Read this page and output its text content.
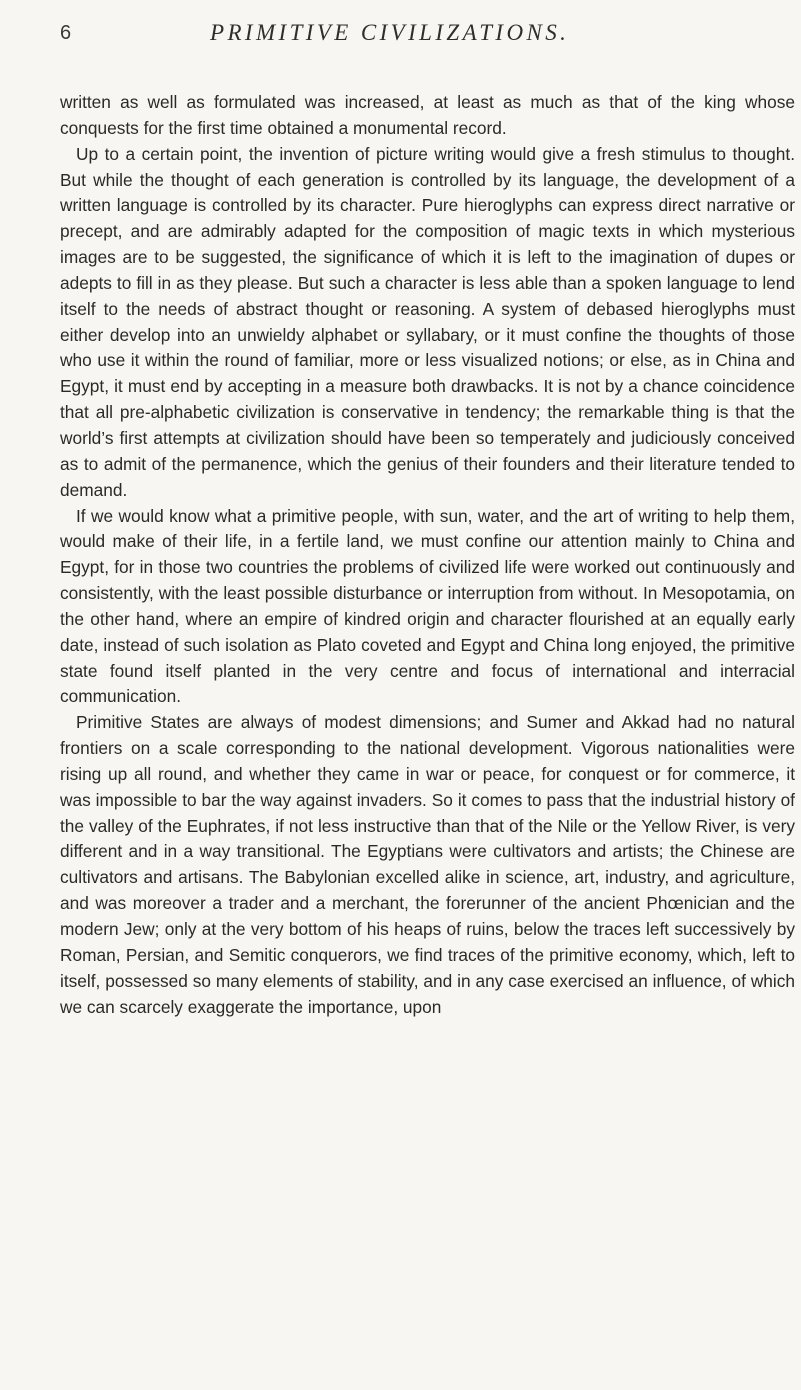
6	PRIMITIVE CIVILIZATIONS.

written as well as formulated was increased, at least as much as that of the king whose conquests for the first time obtained a monumental record.

Up to a certain point, the invention of picture writing would give a fresh stimulus to thought. But while the thought of each generation is controlled by its language, the development of a written language is controlled by its character. Pure hieroglyphs can express direct narrative or precept, and are admirably adapted for the composition of magic texts in which mysterious images are to be suggested, the significance of which it is left to the imagination of dupes or adepts to fill in as they please. But such a character is less able than a spoken language to lend itself to the needs of abstract thought or reasoning. A system of debased hieroglyphs must either develop into an unwieldy alphabet or syllabary, or it must confine the thoughts of those who use it within the round of familiar, more or less visualized notions; or else, as in China and Egypt, it must end by accepting in a measure both drawbacks. It is not by a chance coincidence that all pre-alphabetic civilization is conservative in tendency; the remarkable thing is that the world’s first attempts at civilization should have been so temperately and judiciously conceived as to admit of the permanence, which the genius of their founders and their literature tended to demand.

If we would know what a primitive people, with sun, water, and the art of writing to help them, would make of their life, in a fertile land, we must confine our attention mainly to China and Egypt, for in those two countries the problems of civilized life were worked out continuously and consistently, with the least possible disturbance or interruption from without. In Mesopotamia, on the other hand, where an empire of kindred origin and character flourished at an equally early date, instead of such isolation as Plato coveted and Egypt and China long enjoyed, the primitive state found itself planted in the very centre and focus of international and interracial communication.

Primitive States are always of modest dimensions; and Sumer and Akkad had no natural frontiers on a scale corresponding to the national development. Vigorous nationalities were rising up all round, and whether they came in war or peace, for conquest or for commerce, it was impossible to bar the way against invaders. So it comes to pass that the industrial history of the valley of the Euphrates, if not less instructive than that of the Nile or the Yellow River, is very different and in a way transitional. The Egyptians were cultivators and artists; the Chinese are cultivators and artisans. The Babylonian excelled alike in science, art, industry, and agriculture, and was moreover a trader and a merchant, the forerunner of the ancient Phœnician and the modern Jew; only at the very bottom of his heaps of ruins, below the traces left successively by Roman, Persian, and Semitic conquerors, we find traces of the primitive economy, which, left to itself, possessed so many elements of stability, and in any case exercised an influence, of which we can scarcely exaggerate the importance, upon
